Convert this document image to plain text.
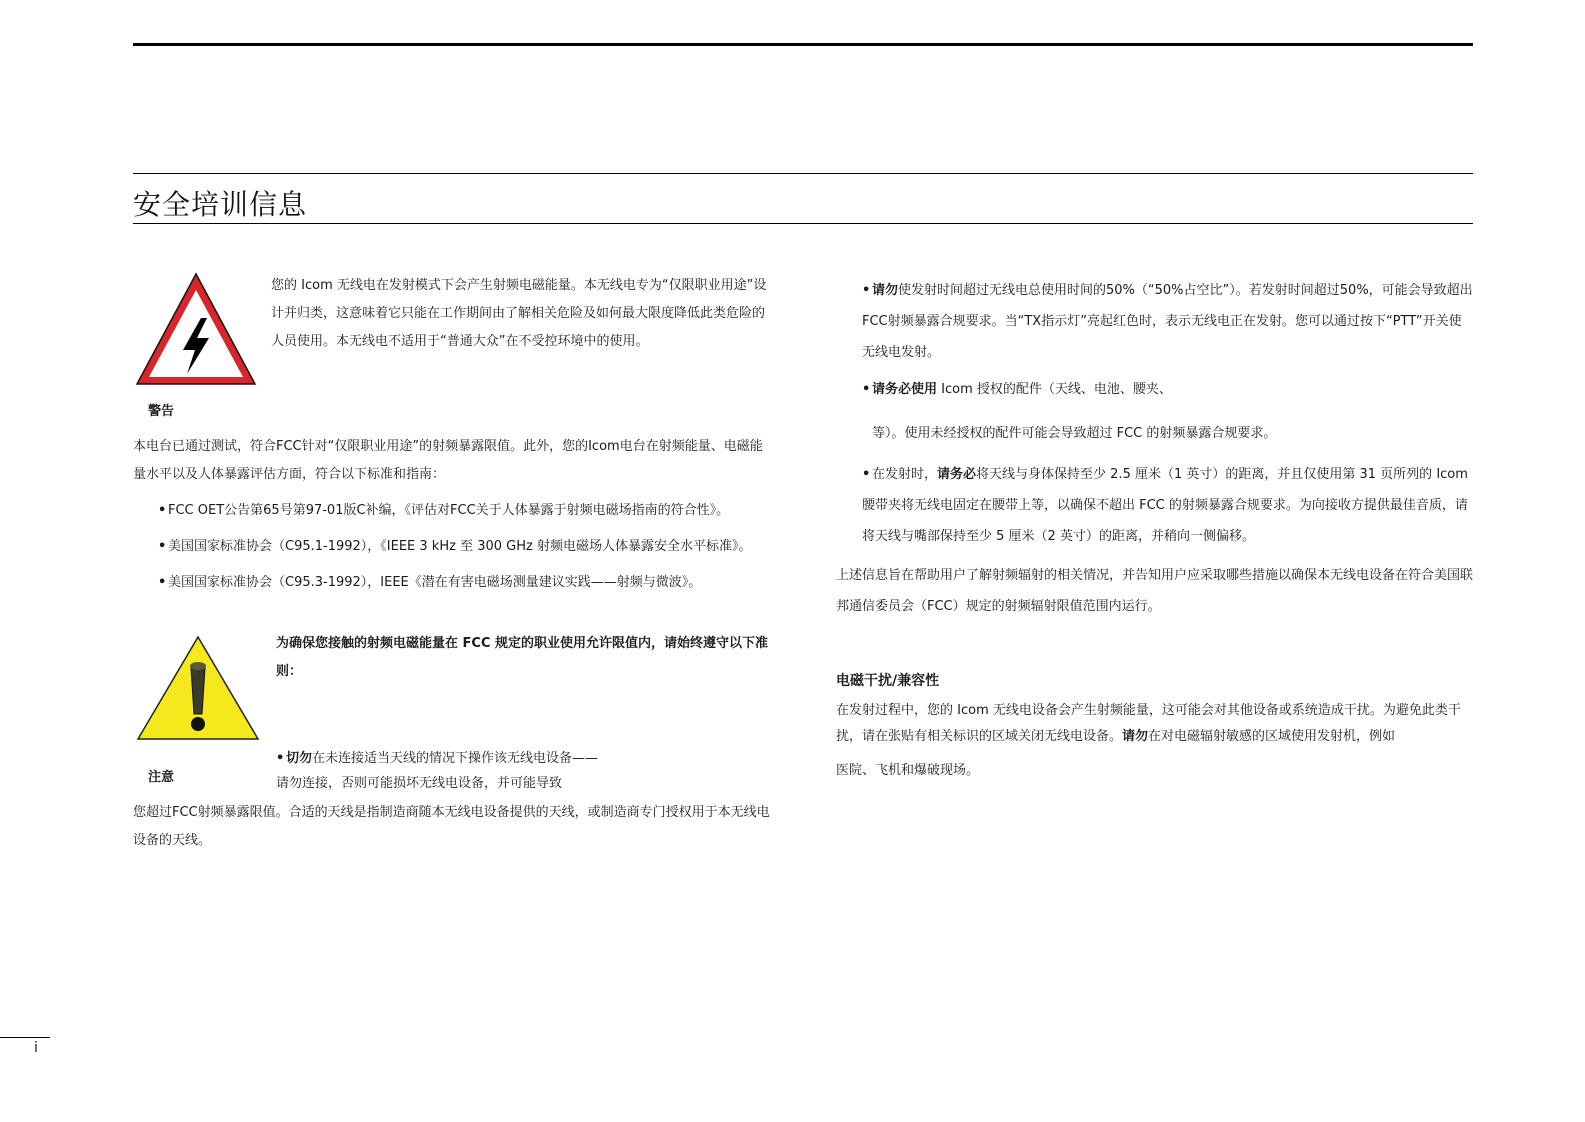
安全培训信息
警告
您的 Icom 无线电在发射模式下会产生射频电磁能量。本无线电专为“仅限职业用途”设计并归类，这意味着它只能在工作期间由了解相关危险及如何最大限度降低此类危险的人员使用。本无线电不适用于“普通大众”在不受控环境中的使用。
本电台已通过测试，符合FCC针对“仅限职业用途”的射频暴露限值。此外，您的Icom电台在射频能量、电磁能量水平以及人体暴露评估方面，符合以下标准和指南：
• FCC OET公告第65号第97-01版C补编，《评估对FCC关于人体暴露于射频电磁场指南的符合性》。
• 美国国家标准协会（C95.1-1992），《IEEE 3 kHz 至 300 GHz 射频电磁场人体暴露安全水平标准》。
• 美国国家标准协会（C95.3-1992），IEEE《潜在有害电磁场测量建议实践——射频与微波》。
注意
为确保您接触的射频电磁能量在 FCC 规定的职业使用允许限值内，请始终遵守以下准则：
• 切勿在未连接适当天线的情况下操作该无线电设备——
请勿连接，否则可能损坏无线电设备，并可能导致
您超过FCC射频暴露限值。合适的天线是指制造商随本无线电设备提供的天线，或制造商专门授权用于本无线电设备的天线。
• 请勿使发射时间超过无线电总使用时间的50%（“50%占空比”）。若发射时间超过50%，可能会导致超出FCC射频暴露合规要求。当“TX指示灯”亮起红色时，表示无线电正在发射。您可以通过按下“PTT”开关使无线电发射。
• 请务必使用 Icom 授权的配件（天线、电池、腰夹、
等）。使用未经授权的配件可能会导致超过 FCC 的射频暴露合规要求。
• 在发射时，请务必将天线与身体保持至少 2.5 厘米（1 英寸）的距离，并且仅使用第 31 页所列的 Icom 腰带夹将无线电固定在腰带上等，以确保不超出 FCC 的射频暴露合规要求。为向接收方提供最佳音质，请将天线与嘴部保持至少 5 厘米（2 英寸）的距离，并稍向一侧偏移。
上述信息旨在帮助用户了解射频辐射的相关情况，并告知用户应采取哪些措施以确保本无线电设备在符合美国联邦通信委员会（FCC）规定的射频辐射限值范围内运行。
电磁干扰/兼容性
在发射过程中，您的 Icom 无线电设备会产生射频能量，这可能会对其他设备或系统造成干扰。为避免此类干扰，请在张贴有相关标识的区域关闭无线电设备。请勿在对电磁辐射敏感的区域使用发射机，例如
医院、飞机和爆破现场。
i
